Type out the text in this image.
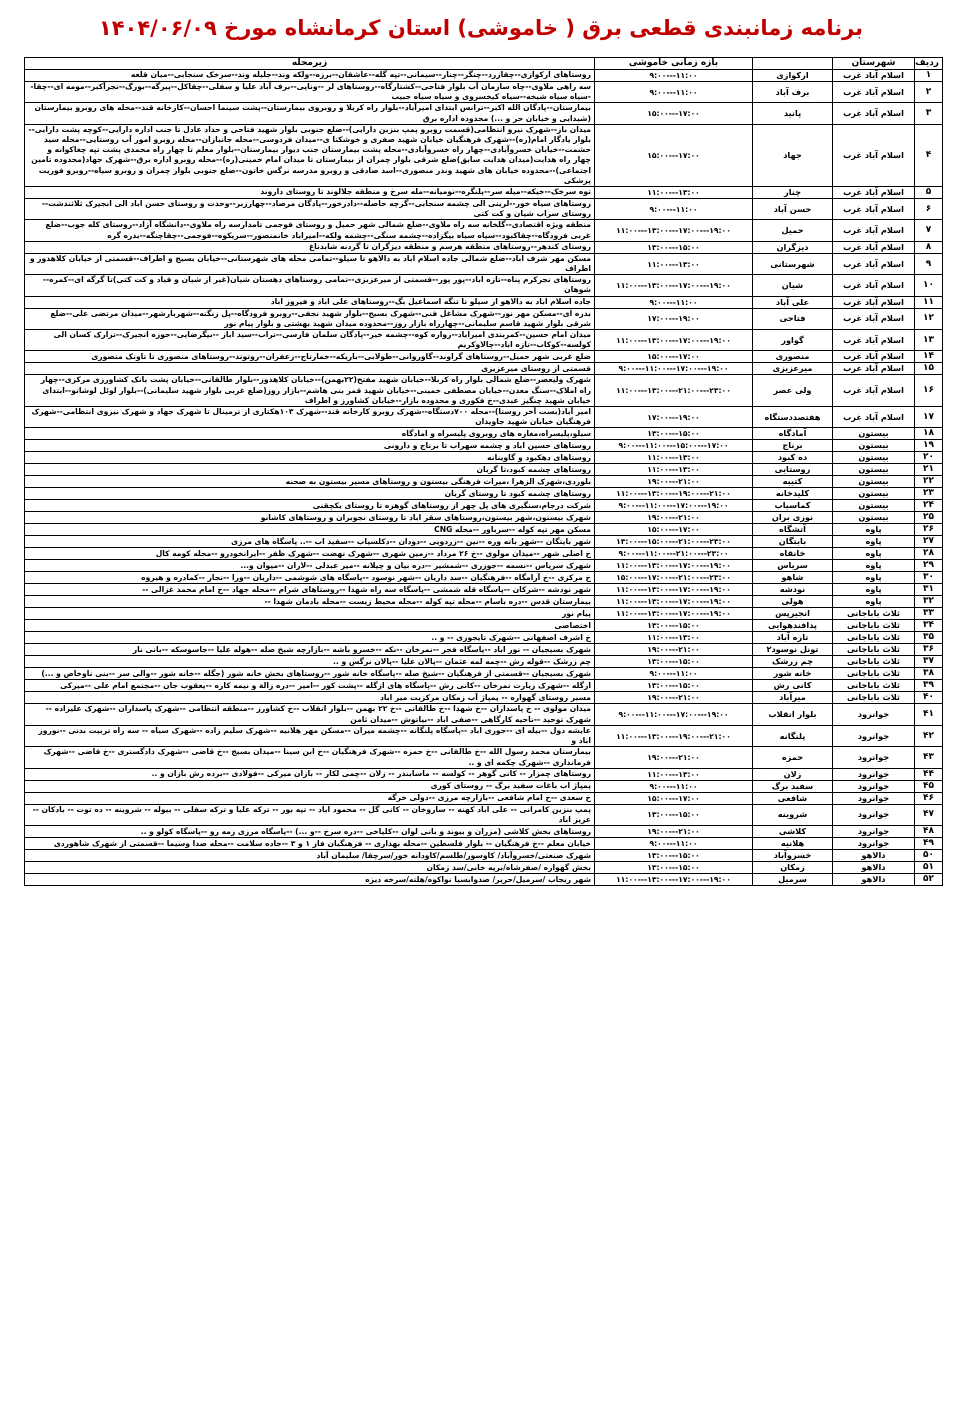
برنامه زمانبندی قطعی برق ( خاموشی) استان کرمانشاه مورخ ۱۴۰۴/۰۶/۰۹
ردیف	شهرستان		بازه زمانی خاموشی	زیرمحله
۱	اسلام آباد غرب	ارکوازی	۹:۰۰---۱۱:۰۰	روستاهای ارکوازی--چقازرد--چنگر--چنار--سیمانی--تپه گله--عاشقان--برزه--ولکه وند--جلیله وند--سرخک سنجابی--میان قلعه
۲	اسلام آباد غرب	برف آباد	۹:۰۰---۱۱:۰۰	سه راهی ملاوی--چاه سازمان آب بلوار فتاحی--کشتارگاه--روستاهای لر --وناپی--برف آباد علیا و سفلی--چقاکل--پیرگه--بورگ--تجرآکبر--مومه ای--چقا--سیاه سیاه شیخه--سیاه کیخسروی و سیاه سیاه حبیب
۳	اسلام آباد غرب	پانید	۱۵:۰۰---۱۷:۰۰	بیمارستان--پادگان الله اکبر--ترانس ابتدای امیرآباد--بلوار راه کربلا و روبروی بیمارستان--پشت سینما احسان--کارخانه قند--محله های روبرو بیمارستان (شیدایی و خیابان حر و ...) محدوده اداره برق
۴	اسلام آباد غرب	جهاد	۱۵:۰۰---۱۷:۰۰	میدان باز--شهرک نیرو انتظامی(قسمت روبرو پمپ بنزین دارایی)--ضلع جنوبی بلوار شهید فتاحی و حداد عادل تا جنب اداره دارایی--کوچه پشت دارایی--بلوار یادگار امام(ره)--شهرک فرهنگیان خیابان شهید صفری و خوشکنا ی--میدان فردوسی--محله جانبازان--محله روبرو امور آب روستایی--محله سید حشمت--خیابان خسروآبادی--چهار راه خسروآبادی--محله پشت بیمارستان جنب دیوار بیمارستان--بلوار معلم تا چهار راه محمدی پشت تپه چغاکوانه و چهار راه هدایت(میدان هدایت سابق)ضلع شرقی بلوار چمران از بیمارستان تا میدان امام خمینی(ره)--محله روبرو اداره برق--شهرک جهاد(محدوده تامین اجتماعی)--محدوده خیابان های شهید وندر منصوری--اسد صادقی و روبرو مدرسه نرگس خاتون--ضلع جنوبی بلوار چمران و روبرو سیاه--روبرو فوریت پزشکی
۵	اسلام آباد غرب	چنار	۱۱:۰۰---۱۳:۰۰	توه سرخک--خیکه--میله سر--پلنگره--نومیانه--مله سرخ و منطقه جلالوند تا روستای داروند
۶	اسلام آباد غرب	حسن آباد	۹:۰۰---۱۱:۰۰	روستاهای سیاه خور--لرینی الی چشمه سنجابی--گرچه حاصله--دادرخور--پادگان مرصاد--چهارزبر--وحدت و روستای حسن اباد الی انجیرک ثلاثندشت--روستای سراب شیان و کت کتی
۷	اسلام آباد غرب	حمیل	۱۱:۰۰---۱۳:۰۰---۱۷:۰۰---۱۹:۰۰	منطقه ویژه اقتصادی--گلخانه سه راه ملاوی--ضلع شمالی شهر حمیل و روستای فوجمی تامدارسه راه ملاوی--دانشگاه آزاد--روستای کله جوب--ضلع غربی فرودگاه--چقاکبود--سیاه سیاه بیگزاده--چشمه سنگی--چشمه ولکه--امیراباد خانمنصور--سریکوه--فوجمی--چقاچنگه--بدره گره
۸	اسلام آباد غرب	دیزگران	۱۳:۰۰---۱۵:۰۰	روستای کندهر--روستاهای منطقه هرسم و منطقه دیزگران تا گردنه شابدناغ
۹	اسلام آباد غرب	شهرستانی	۱۱:۰۰---۱۳:۰۰	مسکن مهر شرف اباد--ضلع شمالی جاده اسلام اباد به دالاهو تا سیلو--تمامی محله های شهرستانی--خیابان بسیج و اطراف--قسمتی از خیابان کلاهدوز و اطراف
۱۰	اسلام آباد غرب	شیان	۱۱:۰۰---۱۳:۰۰---۱۷:۰۰---۱۹:۰۰	روستاهای نجرکرم پناه--تازه اباد--پور پور--قسمتی از میرعزیزی--تمامی روستاهای دهستان شیان(غیر از شیان و قباد و کت کتی)تا گرگه ای--کمره--شوهان
۱۱	اسلام آباد غرب	علی آباد	۹:۰۰---۱۱:۰۰	جاده اسلام اباد به دالاهو از سیلو تا تنگه اسماعیل بگ--روستاهای علی اباد و فیروز اباد
۱۲	اسلام آباد غرب	فتاحی	۱۷:۰۰---۱۹:۰۰	بدره ای--مسکن مهر نور--شهرک مشاغل فنی--شهرک بسیج--بلوار شهید نجفی--روبرو فرودگاه--پل زنگنه--شهربارشهر--میدان مرتضی علی--ضلع شرقی بلوار شهید قاسم سلیمانی--چهارراه بازار روز--محدوده میدان شهید بهشتی و بلوار پیام نور
۱۳	اسلام آباد غرب	گواور	۱۱:۰۰---۱۳:۰۰---۱۷:۰۰---۱۹:۰۰	میدان امام حسین--کمربندی امیراباد--زواره کوه--چشمه خیر--پادگان سلمان فارسی--تراب--سید اباز --بیگرضایی--حوزه انجیرک--تزارک کسان الی کولسه--کوکاب--تازه اباد--چالاوکریم
۱۴	اسلام آباد غرب	منصوری	۱۵:۰۰---۱۷:۰۰	ضلع غربی شهر حمیل--روستاهای گراوند--گاوروانی--طولابی--باریکه--خمارتاج--زعفران--روتوند--روستاهای منصوری تا تاونک منصوری
۱۵	اسلام آباد غرب	میرعزیزی	۹:۰۰---۱۱:۰۰---۱۷:۰۰---۱۹:۰۰	قسمتی از روستای میرعزیزی
۱۶	اسلام آباد غرب	ولی عصر	۱۱:۰۰---۱۳:۰۰---۲۱:۰۰---۲۳:۰۰	شهرک ولیعصر--ضلع شمالی بلوار راه کربلا--خیابان شهید مفتح(۲۲بهمن)--خیابان کلاهدوز--بلوار طالقانی--خیابان پشت بانک کشاورزی مرکزی--چهار راه املاک--سنگ معدن--خیابان مصطفی خمینی--خیابان شهید قمر بنی هاشم--بازار روز(ضلع غربی بلوار شهید سلیمانی)--بلوار لوئل لوشاتو--ابتدای خیابان شهید چنگیز عبدی--خ فکوری و محدوده بازار--خیابان کشاورز و اطراف
۱۷	اسلام آباد غرب	هفتصددستگاه	۱۷:۰۰---۱۹:۰۰	امیر آباد(بست آخر روستا)--محله ۷۰۰دستگاه--شهرک روبرو کارخانه قند--شهرک ۱۰۳هکتاری از ترمینال تا شهرک جهاد و شهرک نیروی انتظامی--شهرک فرهنگیان خیابان شهید جاویدان
۱۸	بیستون	آمادگاه	۱۳:۰۰---۱۵:۰۰	سیلو،پلیسراه،مغازه های روبروی پلیسراه و امادگاه
۱۹	بیستون	برناج	۹:۰۰---۱۱:۰۰---۱۵:۰۰---۱۷:۰۰	روستاهای حسین اباد و چشمه سهراب تا برناج و دارونی
۲۰	بیستون	ده کبود	۱۱:۰۰---۱۳:۰۰	روستاهای دهکبود و گاوینانه
۲۱	بیستون	روستایی	۱۱:۰۰---۱۳:۰۰	روستاهای چشمه کبود،تا گربان
۲۲	بیستون	کتیبه	۱۹:۰۰---۲۱:۰۰	بلوردی،شهرک الزهرا ،میراث فرهنگی بیستون و روستاهای مسیر بیستون به صحنه
۲۳	بیستون	کلیدخانه	۱۱:۰۰---۱۳:۰۰---۱۹:۰۰---۲۱:۰۰	روستاهای چشمه کبود تا روستای گربان
۲۴	بیستون	کماسیاب	۹:۰۰---۱۱:۰۰---۱۷:۰۰---۱۹:۰۰	شرکت درجام،سنگبری های پل چهر از روستاهای گوهره تا روستای یکچقنی
۲۵	بیستون	نوزی بران	۱۹:۰۰---۲۱:۰۰	شهرک بیستون،شهر بیستون،روستاهای سقر اباد تا روستای نجوبران و روستاهای کاشانو
۲۶	پاوه	آتشگاه	۱۵:۰۰---۱۷:۰۰	مسکن مهر تپه کوله --سرباور --محله CNG
۲۷	پاوه	بابتگان	۱۳:۰۰---۱۵:۰۰---۲۱:۰۰---۲۳:۰۰	شهر بایتگان --شهر باته وره --نین --زردویی --دودان --دکلسیاب --سفید اب --.. پاسگاه های مرزی
۲۸	پاوه	خانقاه	۹:۰۰---۱۱:۰۰---۲۱:۰۰---۲۳:۰۰	خ اصلی شهر --میدان مولوی --خ ۲۶ مرداد --زمین شهری --شهرک نهضت --شهرک ظفر --ایرانخودرو --محله کومه کال
۲۹	پاوه	سریاس	۱۱:۰۰---۱۳:۰۰---۱۷:۰۰---۱۹:۰۰	شهرک سریاس --نسمه --جوزری --شمشیر --دره بیان و چیلانه --میر عبدلی --لاران --میوان و...
۳۰	پاوه	شاهو	۱۵:۰۰---۱۷:۰۰---۲۱:۰۰---۲۳:۰۰	خ مرکزی --خ آرامگاه --فرهنگیان --سد داریان --شهر نوسود --پاسگاه های شوشمی --داریان --ورا --نجار --کمادره و هیروه
۳۱	پاوه	نودشه	۱۱:۰۰---۱۳:۰۰---۱۷:۰۰---۱۹:۰۰	شهر نودشه --شرکان --پاسگاه قله شمشی --پاسگاه سه راه شهدا --روستاهای شرام --محله جهاد --خ امام محمد غزالی --
۳۲	پاوه	هولی	۱۱:۰۰---۱۳:۰۰---۱۷:۰۰---۱۹:۰۰	بیمارستان قدس --دره باسام --محله تپه کوله --محله محیط زیست --محله بادمان شهدا --
۳۳	ثلاث باباجانی	انجیرپس	۱۱:۰۰---۱۳:۰۰---۱۷:۰۰---۱۹:۰۰	پیام نور
۳۴	ثلاث باباجانی	پدافندهوایی	۱۳:۰۰---۱۵:۰۰	اختصاصی
۳۵	ثلاث باباجانی	تازه آباد	۱۱:۰۰---۱۳:۰۰	خ اشرف اصفهانی --شهرک تایجوزی -- و ..
۳۶	ثلاث باباجانی	تونل نوسود۲	۱۹:۰۰---۲۱:۰۰	شهرک بسیجیان -- نور اباد --پاسگاه فجر --نمرخان --نکه --خسرو باشه --بازارچه شیخ صله --هوله علیا --جاسوسکه --بانی نار
۳۷	ثلاث باباجانی	چم زرشک	۱۳:۰۰---۱۵:۰۰	چم زرشک --قوله رش --چمه لمه عثمان --پالان علیا --پالان نرگس و ..
۳۸	ثلاث باباجانی	خانه شور	۹:۰۰---۱۱:۰۰	شهرک بسیجیان --قسمتی از فرهنگیان --شیخ صله --پاسگاه خانه شور --روستاهای بخش خانه شور (جگله --خانه شور --والی سر --بنی ناوخاص و ...)
۳۹	ثلاث باباجانی	کانی رش	۱۳:۰۰---۱۵:۰۰	ازگله --شهرک زیارت نمرخان --کانی رش --پاسگاه های ازگله --پشت کور --امیر --دره زالة و نیمه کاره --یعقوب جان --مجتمع امام علی --میرکی
۴۰	ثلاث باباجانی	میرآباد	۱۹:۰۰---۲۱:۰۰	مسیر روستای گهواره -- پمپاژ آب زمکان مرکزیت میر اباد
۴۱	جوانرود	بلوار انقلاب	۹:۰۰---۱۱:۰۰---۱۷:۰۰---۱۹:۰۰	میدان مولوی -- خ پاسداران --خ شهدا --خ طالقانی --خ ۲۲ بهمن --بلوار انقلاب --خ کشاورز --منطقه انتظامی --شهرک پاسداران --شهرک علیزاده --شهرک توحید --ناحیه کارگاهی --صفی اباد --بیاتوش --میدان ثامن
۴۲	جوانرود	پلنگانه	۱۱:۰۰---۱۳:۰۰---۱۹:۰۰---۲۱:۰۰	عایشه دول --بیله ای --حوری اباد --پاسگاه پلنگانه --چشمه میران --مسکن مهر هلانیه --شهرک سلیم زاده --شهرک سیاه -- سه راه تربیت بدنی --نوروز اباد و
۴۳	جوانرود	حمزه	۱۹:۰۰---۲۱:۰۰	بیمارستان محمد رسول الله --خ طالقانی --خ حمزه --شهرک فرهنگیان --خ ابن سینا --میدان بسیج --خ قاضی --شهرک دادگستری --خ قاضی --شهرک فرمانداری --شهرک چکمه ای و ..
۴۴	جوانرود	زلان	۱۱:۰۰---۱۳:۰۰	روستاهای چمزار -- کانی گوهر -- کولسه -- ماسابندر -- زلان --چمی لکار -- بازان میرکی --فولادی --برده رش بازان و ..
۴۵	جوانرود	سفید برگ	۹:۰۰---۱۱:۰۰	پمپاژ اب باغات سفید برگ -- روستای کوری
۴۶	جوانرود	شافعی	۱۵:۰۰---۱۷:۰۰	خ سعدی --خ امام شافعی --بازارچه مرزی --دولی خرگه
۴۷	جوانرود	شروینه	۱۳:۰۰---۱۵:۰۰	پمپ بنزین کامرانی -- علی اباد کهنه -- ساروخان -- کانی گل -- محمود اباد -- تپه بور -- ترکه علیا و ترکه سفلی -- بیوله -- شروینه -- ده توت -- بادکان --عزیز اباد
۴۸	جوانرود	کلاشی	۱۹:۰۰---۲۱:۰۰	روستاهای بخش کلاشی (مزران و بیوند و بانی لوان --کلیاخی --دره سرخ --و ...) --پاسگاه مرزی زمه رو --پاسگاه کولو و ..
۴۹	جوانرود	هلانیه	۹:۰۰---۱۱:۰۰	خیابان معلم --خ فرهنگیان -- بلوار فلسطین --محله بهداری -- فرهنگیان فاز ۱ و ۳ --جاده سلامت --محله صدا وسیما --قسمتی از شهرک شاهوردی
۵۰	دالاهو	خسروآباد	۱۳:۰۰---۱۵:۰۰	شهرک صنعتی/خسروآباد/ کاوسور/طلسم/کاودانه خور/سرچقا/ سلیمان آباد
۵۱	دالاهو	زمکان	۱۳:۰۰---۱۵:۰۰	بخش گهواره /صفرشاه/بریه خانی/سد زمکان
۵۲	دالاهو	سرمیل	۱۱:۰۰---۱۳:۰۰---۱۷:۰۰---۱۹:۰۰	شهر ریجاب /سرمیل/حریر/ صدوابسیا نواکوه/هلته/سرخه دیزه
